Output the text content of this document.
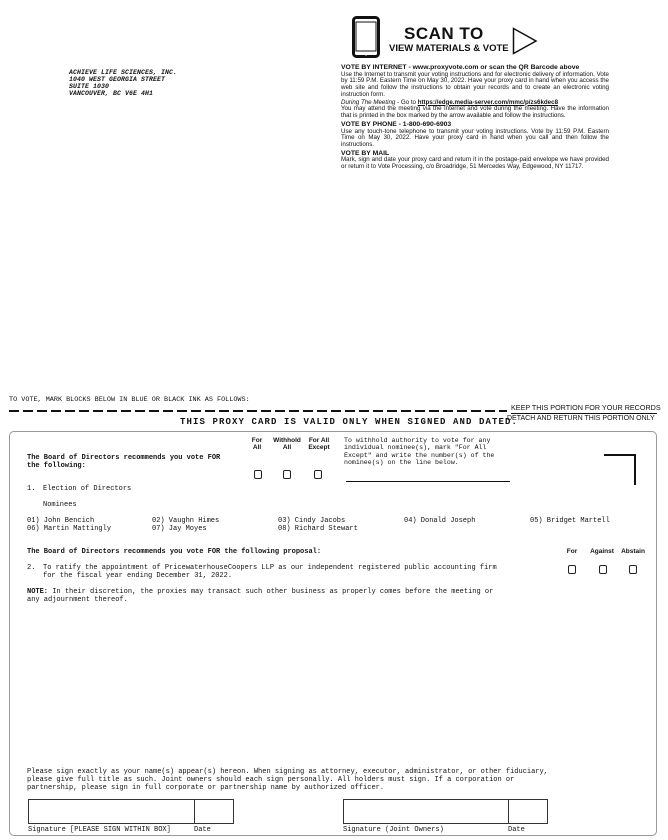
ACHIEVE LIFE SCIENCES, INC.
1040 WEST GEORGIA STREET
SUITE 1030
VANCOUVER, BC V6E 4H1
SCAN TO
VIEW MATERIALS & VOTE
VOTE BY INTERNET - www.proxyvote.com or scan the QR Barcode above

Use the Internet to transmit your voting instructions and for electronic delivery of information. Vote by 11:59 P.M. Eastern Time on May 30, 2022. Have your proxy card in hand when you access the web site and follow the instructions to obtain your records and to create an electronic voting instruction form.

During The Meeting - Go to https://edge.media-server.com/mmc/p/zs6kdec8

You may attend the meeting via the Internet and vote during the meeting. Have the information that is printed in the box marked by the arrow available and follow the instructions.

VOTE BY PHONE - 1-800-690-6903

Use any touch-tone telephone to transmit your voting instructions. Vote by 11:59 P.M. Eastern Time on May 30, 2022. Have your proxy card in hand when you call and then follow the instructions.

VOTE BY MAIL

Mark, sign and date your proxy card and return it in the postage-paid envelope we have provided or return it to Vote Processing, c/o Broadridge, 51 Mercedes Way, Edgewood, NY 11717.

TO VOTE, MARK BLOCKS BELOW IN BLUE OR BLACK INK AS FOLLOWS:
KEEP THIS PORTION FOR YOUR RECORDS
DETACH AND RETURN THIS PORTION ONLY
THIS PROXY CARD IS VALID ONLY WHEN SIGNED AND DATED.
The Board of Directors recommends you vote FOR the following:
For All
Withhold All
For All Except
To withhold authority to vote for any individual nominee(s), mark "For All Except" and write the number(s) of the nominee(s) on the line below.
1. Election of Directors
Nominees
01) John Bencich	02) Vaughn Himes	03) Cindy Jacobs	04) Donald Joseph	05) Bridget Martell
06) Martin Mattingly	07) Jay Moyes	08) Richard Stewart
The Board of Directors recommends you vote FOR the following proposal:	For	Against	Abstain
2. To ratify the appointment of PricewaterhouseCoopers LLP as our independent registered public accounting firm
for the fiscal year ending December 31, 2022.
NOTE: In their discretion, the proxies may transact such other business as properly comes before the meeting or
any adjournment thereof.
Please sign exactly as your name(s) appear(s) hereon. When signing as attorney, executor, administrator, or other fiduciary,
please give full title as such. Joint owners should each sign personally. All holders must sign. If a corporation or
partnership, please sign in full corporate or partnership name by authorized officer.
Signature [PLEASE SIGN WITHIN BOX]	Date	Signature (Joint Owners)	Date
